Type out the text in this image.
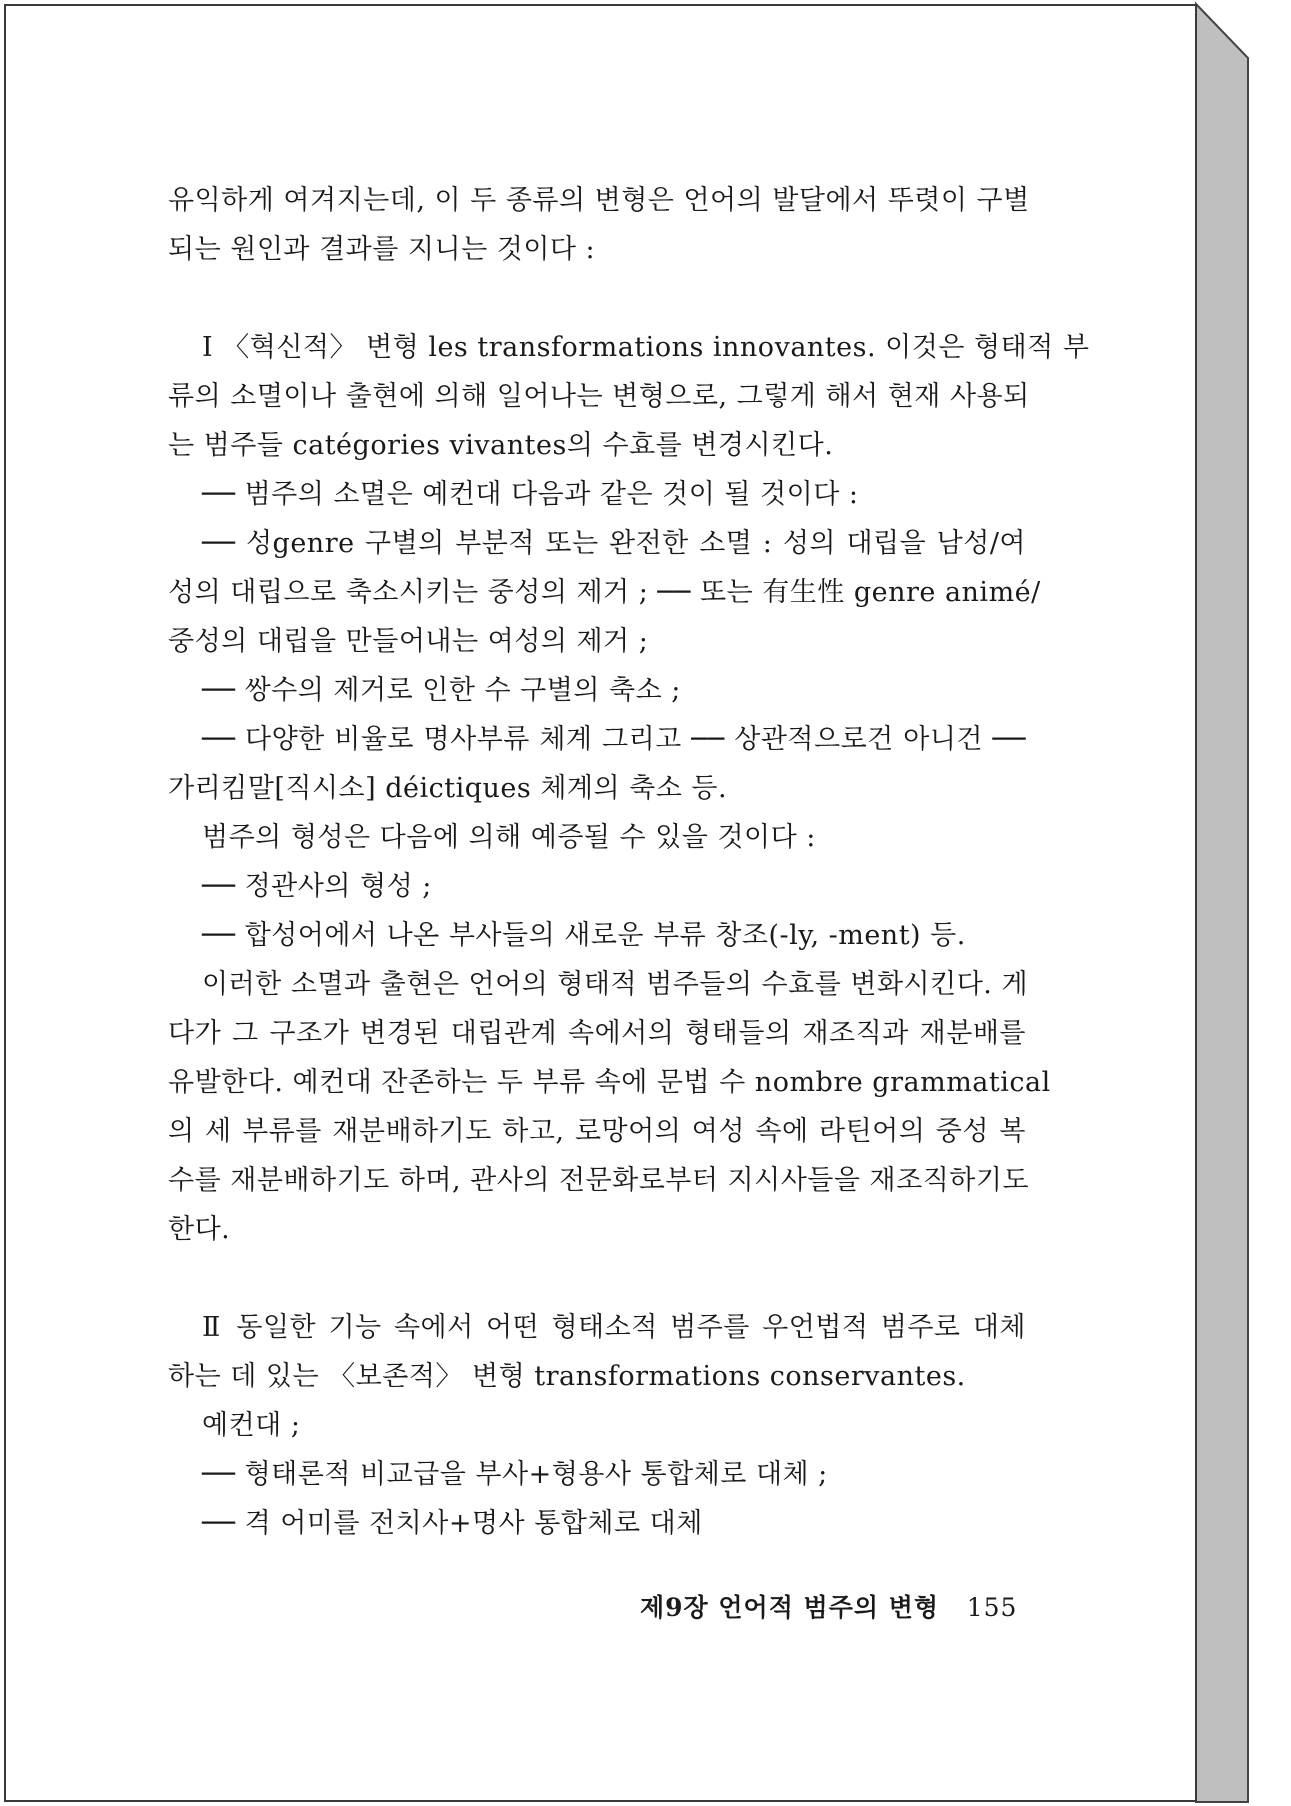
유익하게 여겨지는데, 이 두 종류의 변형은 언어의 발달에서 뚜렷이 구별
되는 원인과 결과를 지니는 것이다 :
Ⅰ 〈혁신적〉 변형 les transformations innovantes. 이것은 형태적 부
류의 소멸이나 출현에 의해 일어나는 변형으로, 그렇게 해서 현재 사용되
는 범주들 catégories vivantes의 수효를 변경시킨다.
── 범주의 소멸은 예컨대 다음과 같은 것이 될 것이다 :
── 성genre 구별의 부분적 또는 완전한 소멸 : 성의 대립을 남성/여
성의 대립으로 축소시키는 중성의 제거 ; ── 또는 有生性 genre animé/
중성의 대립을 만들어내는 여성의 제거 ;
── 쌍수의 제거로 인한 수 구별의 축소 ;
── 다양한 비율로 명사부류 체계 그리고 ── 상관적으로건 아니건 ──
가리킴말[직시소] déictiques 체계의 축소 등.
범주의 형성은 다음에 의해 예증될 수 있을 것이다 :
── 정관사의 형성 ;
── 합성어에서 나온 부사들의 새로운 부류 창조(-ly, -ment) 등.
이러한 소멸과 출현은 언어의 형태적 범주들의 수효를 변화시킨다. 게
다가 그 구조가 변경된 대립관계 속에서의 형태들의 재조직과 재분배를
유발한다. 예컨대 잔존하는 두 부류 속에 문법 수 nombre grammatical
의 세 부류를 재분배하기도 하고, 로망어의 여성 속에 라틴어의 중성 복
수를 재분배하기도 하며, 관사의 전문화로부터 지시사들을 재조직하기도
한다.
Ⅱ 동일한 기능 속에서 어떤 형태소적 범주를 우언법적 범주로 대체
하는 데 있는 〈보존적〉 변형 transformations conservantes.
예컨대 ;
── 형태론적 비교급을 부사+형용사 통합체로 대체 ;
── 격 어미를 전치사+명사 통합체로 대체
제9장 언어적 범주의 변형 155
